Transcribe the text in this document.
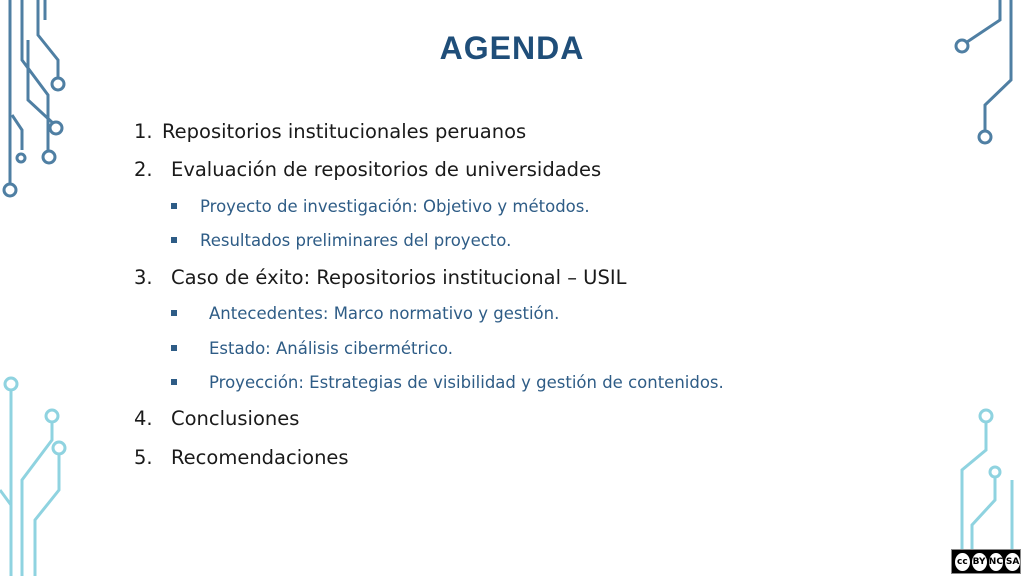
AGENDA
1. Repositorios institucionales peruanos
2. Evaluación de repositorios de universidades
Proyecto de investigación: Objetivo y métodos.
Resultados preliminares del proyecto.
3. Caso de éxito: Repositorios institucional – USIL
Antecedentes: Marco normativo y gestión.
Estado: Análisis cibermétrico.
Proyección: Estrategias de visibilidad y gestión de contenidos.
4. Conclusiones
5. Recomendaciones
cc BY NC SA
